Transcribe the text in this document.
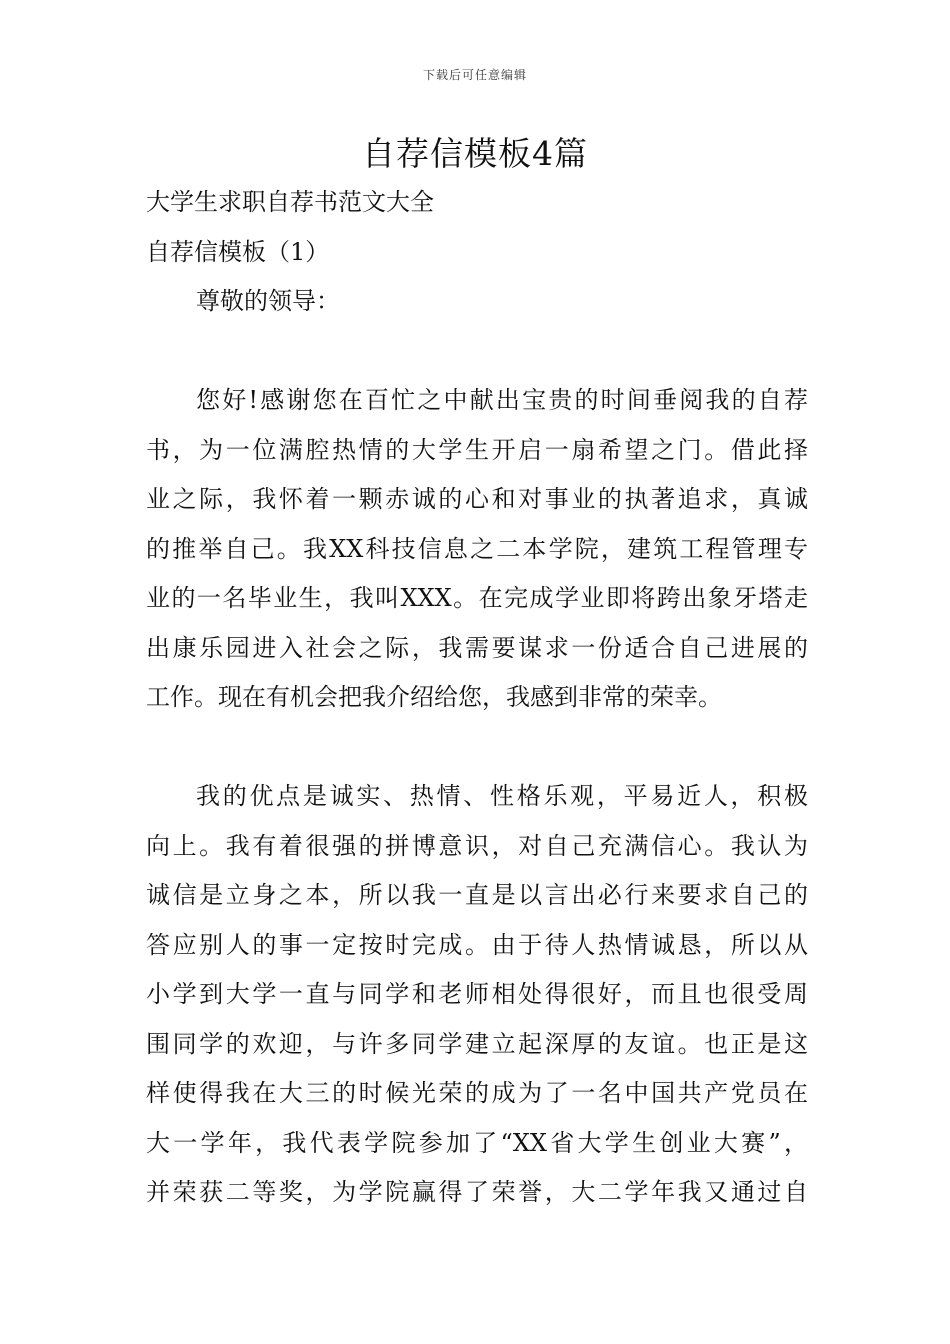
下载后可任意编辑
自荐信模板4篇
大学生求职自荐书范文大全
自荐信模板（1）
尊敬的领导：
您好!感谢您在百忙之中献出宝贵的时间垂阅我的自荐
书，为一位满腔热情的大学生开启一扇希望之门。借此择
业之际，我怀着一颗赤诚的心和对事业的执著追求，真诚
的推举自己。我XX科技信息之二本学院，建筑工程管理专
业的一名毕业生，我叫XXX。在完成学业即将跨出象牙塔走
出康乐园进入社会之际，我需要谋求一份适合自己进展的
工作。现在有机会把我介绍给您，我感到非常的荣幸。
我的优点是诚实、热情、性格乐观，平易近人，积极
向上。我有着很强的拼博意识，对自己充满信心。我认为
诚信是立身之本，所以我一直是以言出必行来要求自己的
答应别人的事一定按时完成。由于待人热情诚恳，所以从
小学到大学一直与同学和老师相处得很好，而且也很受周
围同学的欢迎，与许多同学建立起深厚的友谊。也正是这
样使得我在大三的时候光荣的成为了一名中国共产党员在
大一学年，我代表学院参加了“XX省大学生创业大赛”，
并荣获二等奖，为学院赢得了荣誉，大二学年我又通过自
